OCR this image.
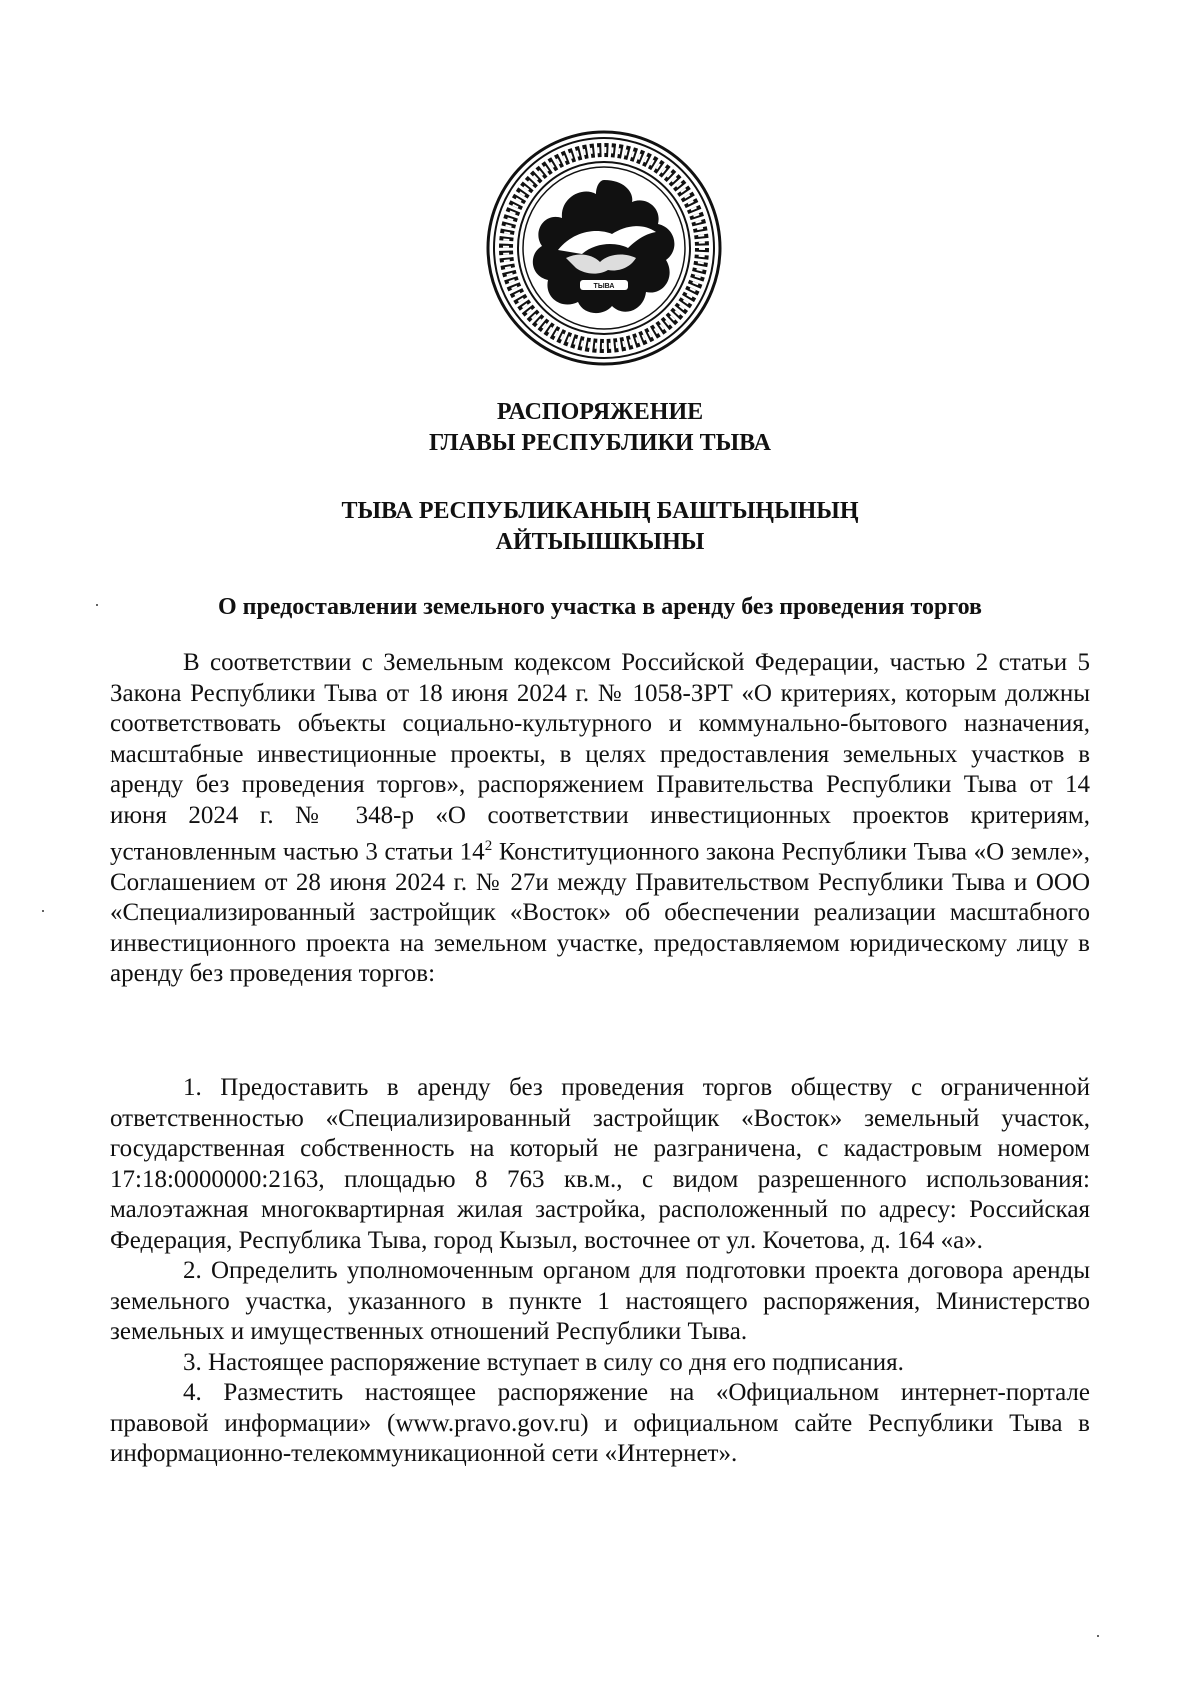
ТЫВА
РАСПОРЯЖЕНИЕ
ГЛАВЫ РЕСПУБЛИКИ ТЫВА
ТЫВА РЕСПУБЛИКАНЫҢ БАШТЫҢЫНЫҢ
АЙТЫЫШКЫНЫ
О предоставлении земельного участка в аренду без проведения торгов

В соответствии с Земельным кодексом Российской Федерации, частью 2 статьи 5 Закона Республики Тыва от 18 июня 2024 г. № 1058-ЗРТ «О критериях, которым должны соответствовать объекты социально-культурного и коммунально-бытового назначения, масштабные инвестиционные проекты, в целях предоставления земельных участков в аренду без проведения торгов», распоряжением Правительства Республики Тыва от 14 июня 2024 г. № 348-р «О соответствии инвестиционных проектов критериям, установленным частью 3 статьи $14^2$ Конституционного закона Республики Тыва «О земле», Соглашением от 28 июня 2024 г. № 27и между Правительством Республики Тыва и ООО «Специализированный застройщик «Восток» об обеспечении реализации масштабного инвестиционного проекта на земельном участке, предоставляемом юридическому лицу в аренду без проведения торгов:

1. Предоставить в аренду без проведения торгов обществу с ограниченной ответственностью «Специализированный застройщик «Восток» земельный участок, государственная собственность на который не разграничена, с кадастровым номером 17:18:0000000:2163, площадью 8 763 кв.м., с видом разрешенного использования: малоэтажная многоквартирная жилая застройка, расположенный по адресу: Российская Федерация, Республика Тыва, город Кызыл, восточнее от ул. Кочетова, д. 164 «а».

2. Определить уполномоченным органом для подготовки проекта договора аренды земельного участка, указанного в пункте 1 настоящего распоряжения, Министерство земельных и имущественных отношений Республики Тыва.

3. Настоящее распоряжение вступает в силу со дня его подписания.

4. Разместить настоящее распоряжение на «Официальном интернет-портале правовой информации» (www.pravo.gov.ru) и официальном сайте Республики Тыва в информационно-телекоммуникационной сети «Интернет».
